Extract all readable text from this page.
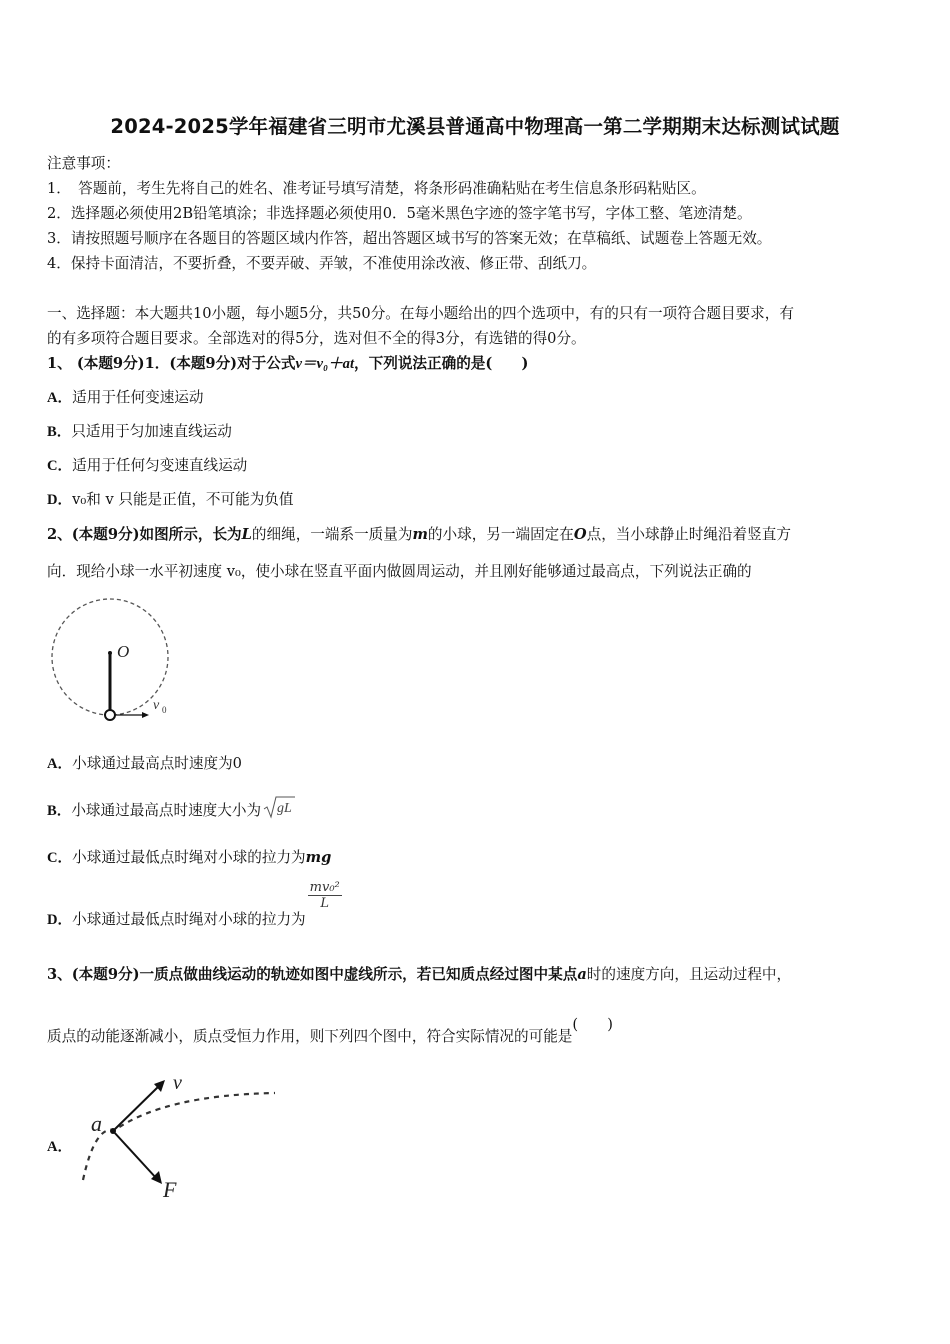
2024-2025学年福建省三明市尤溪县普通高中物理高一第二学期期末达标测试试题
注意事项：
1．　答题前，考生先将自己的姓名、准考证号填写清楚，将条形码准确粘贴在考生信息条形码粘贴区。
2．选择题必须使用2B铅笔填涂；非选择题必须使用0．5毫米黑色字迹的签字笔书写，字体工整、笔迹清楚。
3．请按照题号顺序在各题目的答题区域内作答，超出答题区域书写的答案无效；在草稿纸、试题卷上答题无效。
4．保持卡面清洁，不要折叠，不要弄破、弄皱，不准使用涂改液、修正带、刮纸刀。
一、选择题：本大题共10小题，每小题5分，共50分。在每小题给出的四个选项中，有的只有一项符合题目要求，有
的有多项符合题目要求。全部选对的得5分，选对但不全的得3分，有选错的得0分。
1、 (本题9分)1．(本题9分)对于公式v＝v₀＋at，下列说法正确的是(　　)
A．适用于任何变速运动
B．只适用于匀加速直线运动
C．适用于任何匀变速直线运动
D．v₀和 v 只能是正值，不可能为负值
2、(本题9分)如图所示，长为L的细绳，一端系一质量为m的小球，另一端固定在O点，当小球静止时绳沿着竖直方
向．现给小球一水平初速度 v₀，使小球在竖直平面内做圆周运动，并且刚好能够通过最高点，下列说法正确的
O
v 0
A．小球通过最高点时速度为0
B．小球通过最高点时速度大小为 gL
C．小球通过最低点时绳对小球的拉力为mg
D．小球通过最低点时绳对小球的拉力为
$\frac{\text{mv₀²}}{L}$
3、(本题9分)一质点做曲线运动的轨迹如图中虚线所示，若已知质点经过图中某点a时的速度方向，且运动过程中，
质点的动能逐渐减小，质点受恒力作用，则下列四个图中，符合实际情况的可能是(　　)
A．
a
v
F
